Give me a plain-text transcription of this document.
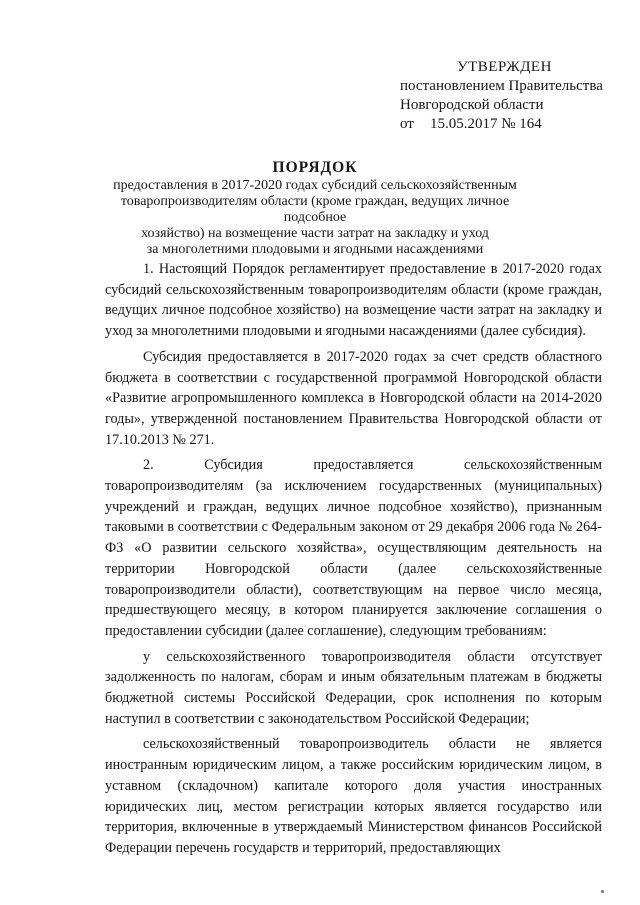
УТВЕРЖДЕН
постановлением Правительства
Новгородской области
от 15.05.2017 № 164
ПОРЯДОК
предоставления в 2017-2020 годах субсидий сельскохозяйственным
товаропроизводителям области (кроме граждан, ведущих личное подсобное
хозяйство) на возмещение части затрат на закладку и уход
за многолетними плодовыми и ягодными насаждениями

1. Настоящий Порядок регламентирует предоставление в 2017-2020 годах субсидий сельскохозяйственным товаропроизводителям области (кроме граждан, ведущих личное подсобное хозяйство) на возмещение части затрат на закладку и уход за многолетними плодовыми и ягодными насаждениями (далее субсидия).

Субсидия предоставляется в 2017-2020 годах за счет средств областного бюджета в соответствии с государственной программой Новгородской области «Развитие агропромышленного комплекса в Новгородской области на 2014-2020 годы», утвержденной постановлением Правительства Новгородской области от 17.10.2013 № 271.

2. Субсидия предоставляется сельскохозяйственным товаропроизводителям (за исключением государственных (муниципальных) учреждений и граждан, ведущих личное подсобное хозяйство), признанным таковыми в соответствии с Федеральным законом от 29 декабря 2006 года № 264-ФЗ «О развитии сельского хозяйства», осуществляющим деятельность на территории Новгородской области (далее сельскохозяйственные товаропроизводители области), соответствующим на первое число месяца, предшествующего месяцу, в котором планируется заключение соглашения о предоставлении субсидии (далее соглашение), следующим требованиям:

у сельскохозяйственного товаропроизводителя области отсутствует задолженность по налогам, сборам и иным обязательным платежам в бюджеты бюджетной системы Российской Федерации, срок исполнения по которым наступил в соответствии с законодательством Российской Федерации;

сельскохозяйственный товаропроизводитель области не является иностранным юридическим лицом, а также российским юридическим лицом, в уставном (складочном) капитале которого доля участия иностранных юридических лиц, местом регистрации которых является государство или территория, включенные в утверждаемый Министерством финансов Российской Федерации перечень государств и территорий, предоставляющих
